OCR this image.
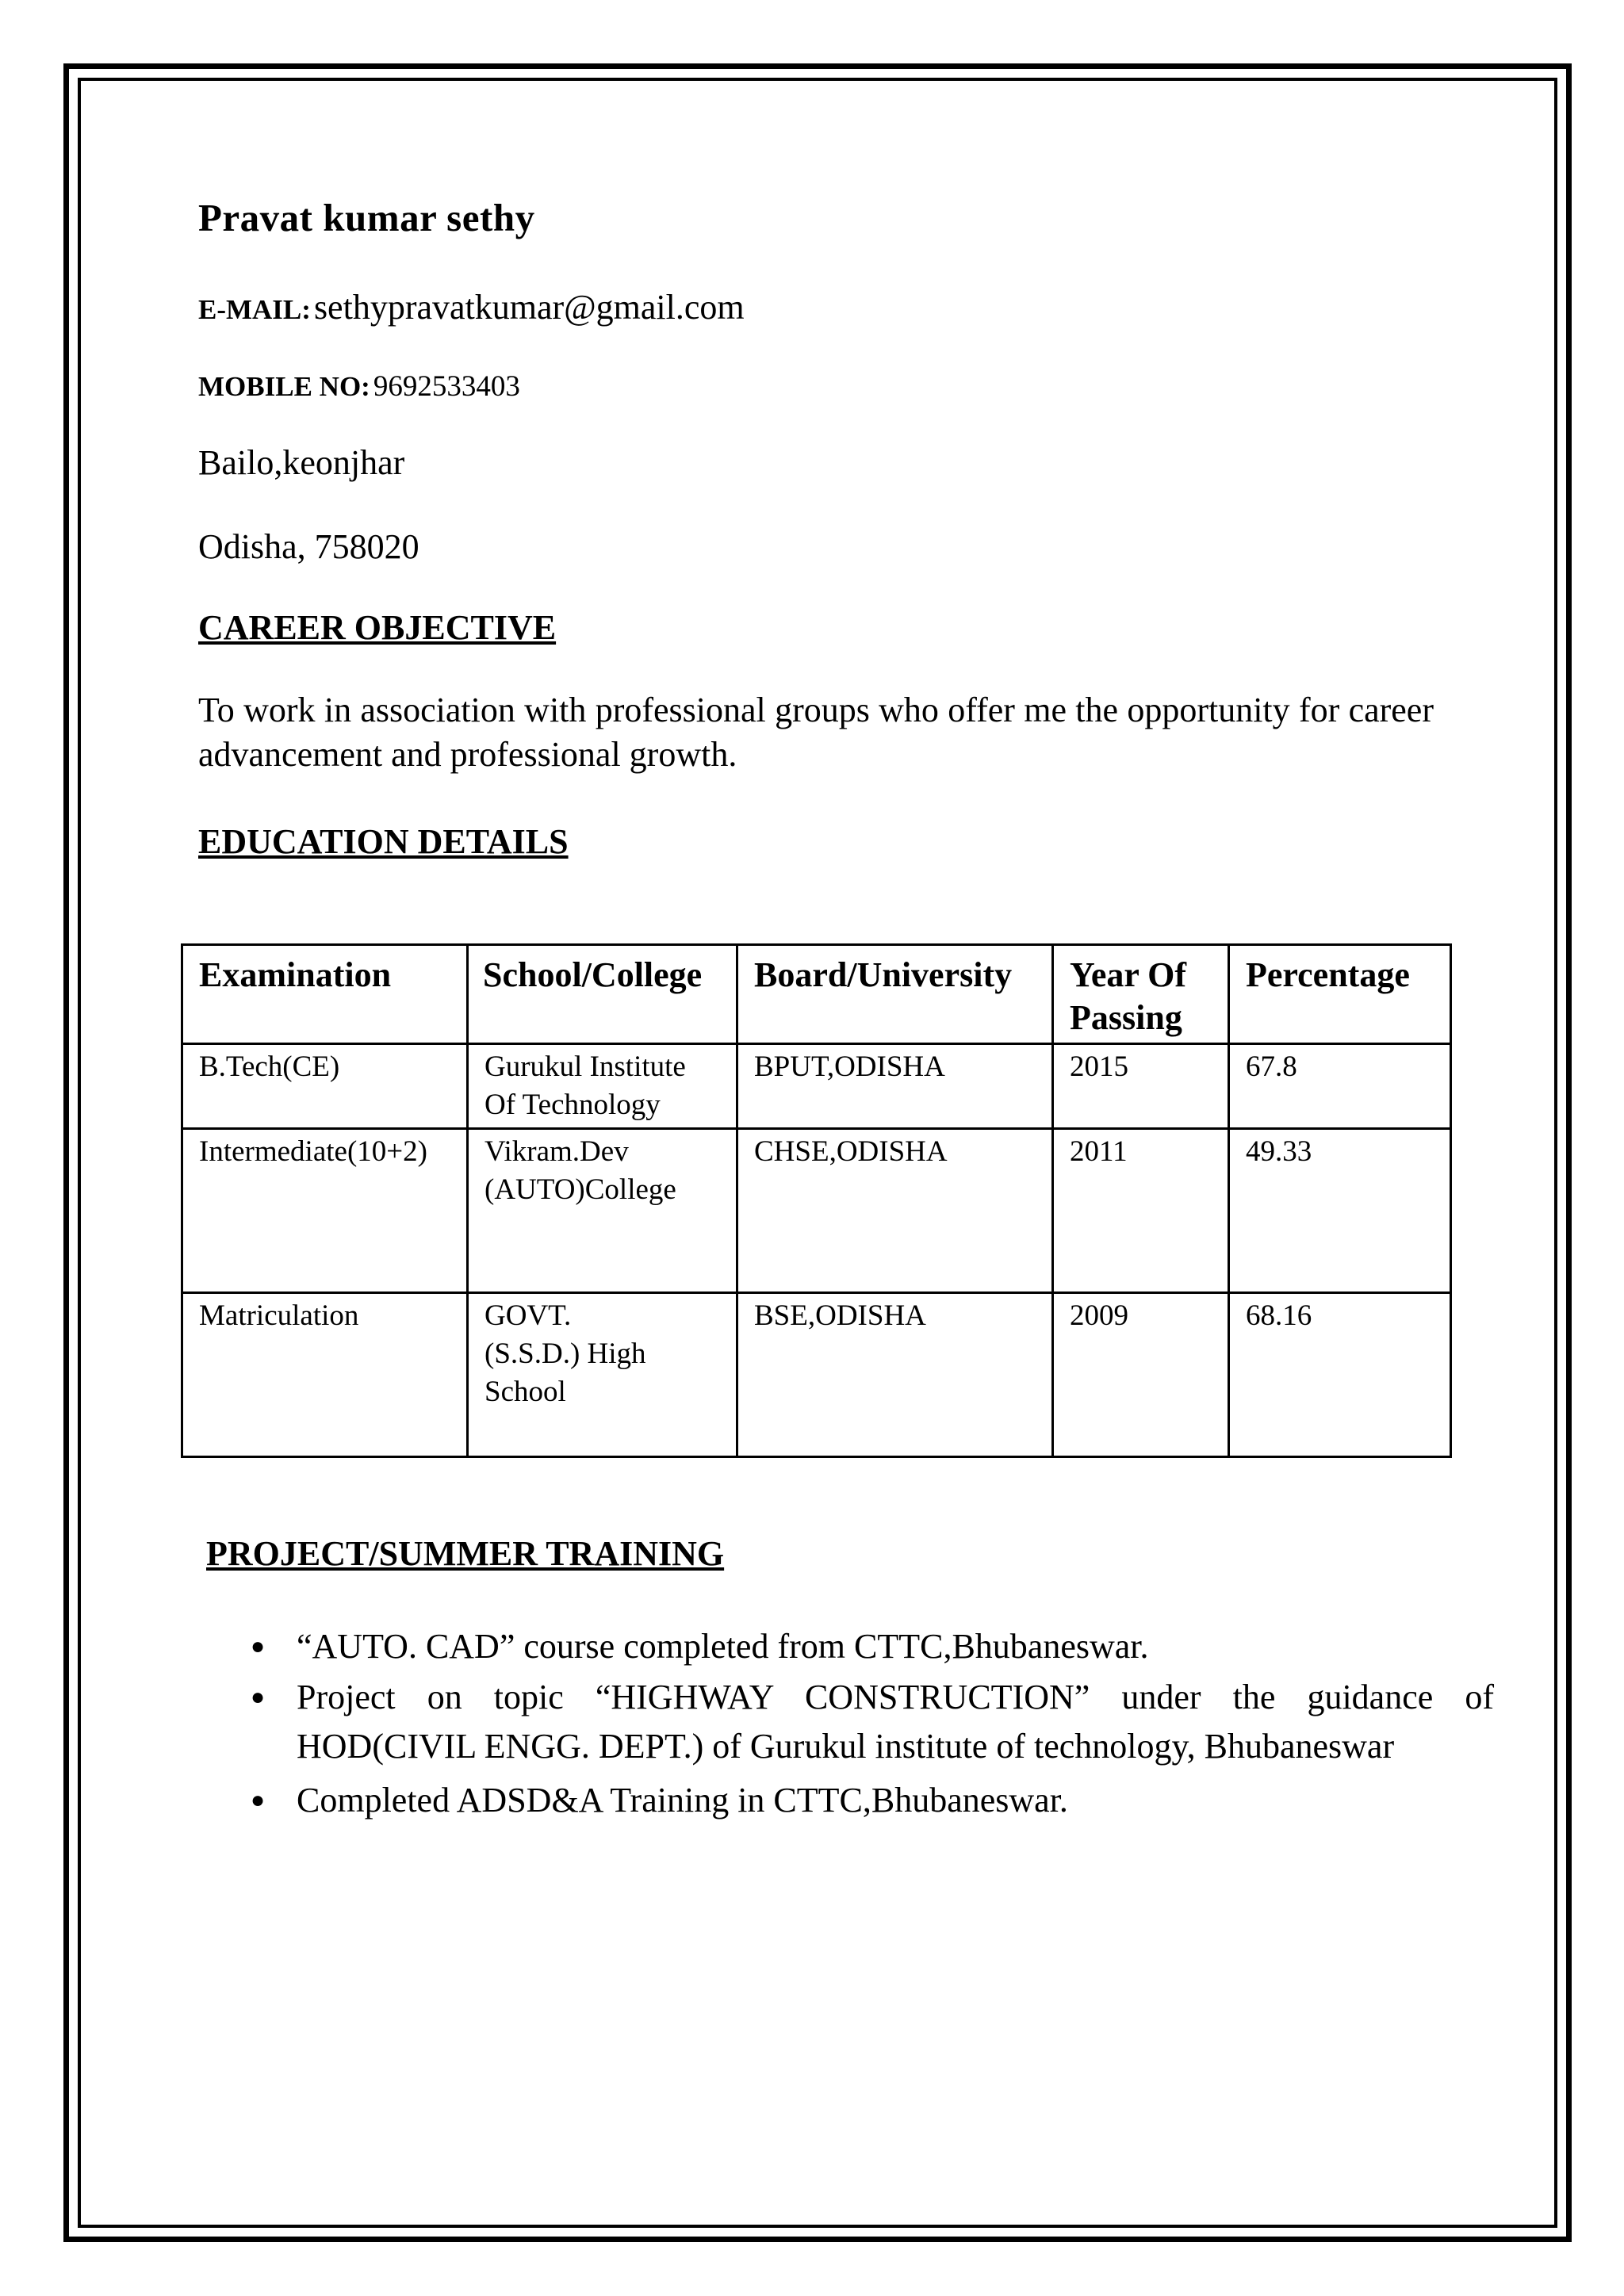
Pravat kumar sethy

E-MAIL: sethypravatkumar@gmail.com

MOBILE NO: 9692533403

Bailo,keonjhar

Odisha, 758020

CAREER OBJECTIVE

To work in association with professional groups who offer me the opportunity for career advancement and professional growth.

EDUCATION DETAILS
Examination	School/College	Board/University	Year Of Passing	Percentage
B.Tech(CE)	Gurukul Institute Of Technology	BPUT,ODISHA	2015	67.8
Intermediate(10+2)	Vikram.Dev (AUTO)College	CHSE,ODISHA	2011	49.33
Matriculation	GOVT.(S.S.D.) High School	BSE,ODISHA	2009	68.16
PROJECT/SUMMER TRAINING
● “AUTO. CAD” course completed from CTTC,Bhubaneswar.
● Project on topic “HIGHWAY CONSTRUCTION” under the guidance of HOD(CIVIL ENGG. DEPT.) of Gurukul institute of technology, Bhubaneswar
● Completed ADSD&A Training in CTTC,Bhubaneswar.
